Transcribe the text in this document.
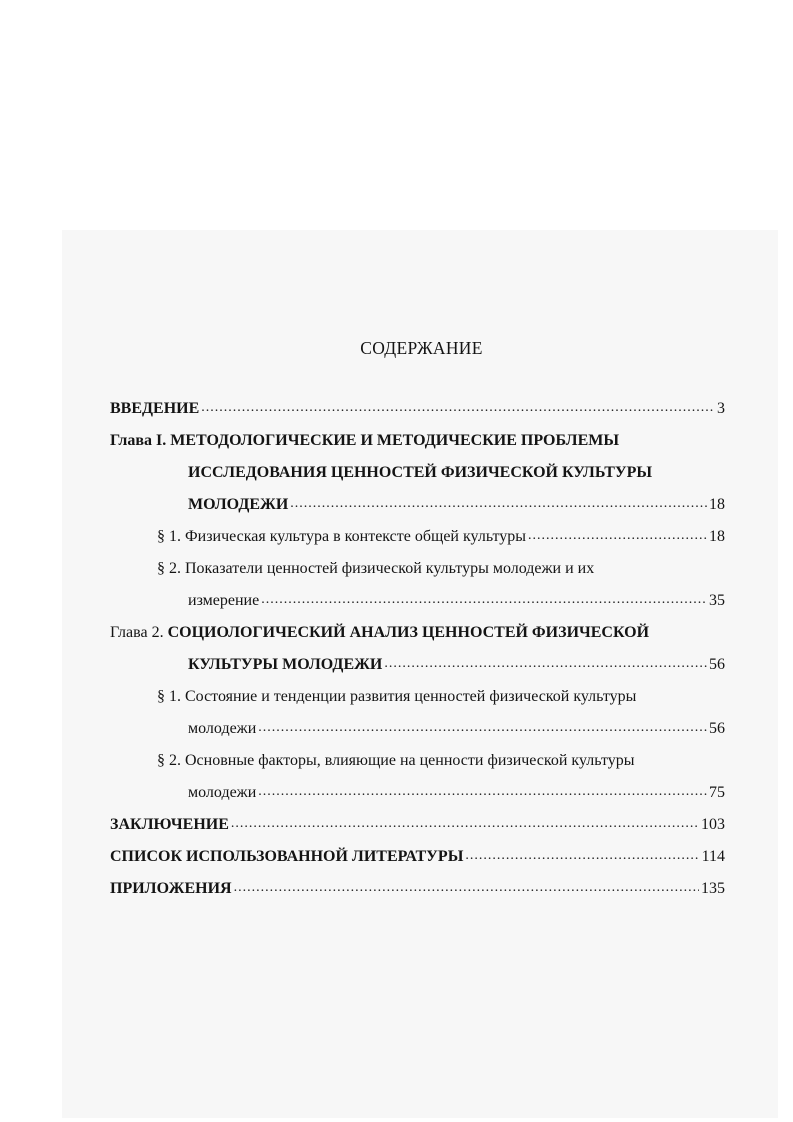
СОДЕРЖАНИЕ
ВВЕДЕНИЕ .....	3
Глава I.
МЕТОДОЛОГИЧЕСКИЕ И МЕТОДИЧЕСКИЕ ПРОБЛЕМЫ
ИССЛЕДОВАНИЯ ЦЕННОСТЕЙ ФИЗИЧЕСКОЙ КУЛЬТУРЫ
МОЛОДЕЖИ .....	18
§ 1. Физическая культура в контексте общей культуры .....	18
§ 2. Показатели ценностей физической культуры молодежи и их
измерение .....	35
Глава 2.
СОЦИОЛОГИЧЕСКИЙ АНАЛИЗ ЦЕННОСТЕЙ ФИЗИЧЕСКОЙ
КУЛЬТУРЫ МОЛОДЕЖИ .....	56
§ 1. Состояние и тенденции развития ценностей физической культуры
молодежи .....	56
§ 2. Основные факторы, влияющие на ценности физической культуры
молодежи .....	75
ЗАКЛЮЧЕНИЕ .....	103
СПИСОК ИСПОЛЬЗОВАННОЙ ЛИТЕРАТУРЫ .....	114
ПРИЛОЖЕНИЯ .....	135
